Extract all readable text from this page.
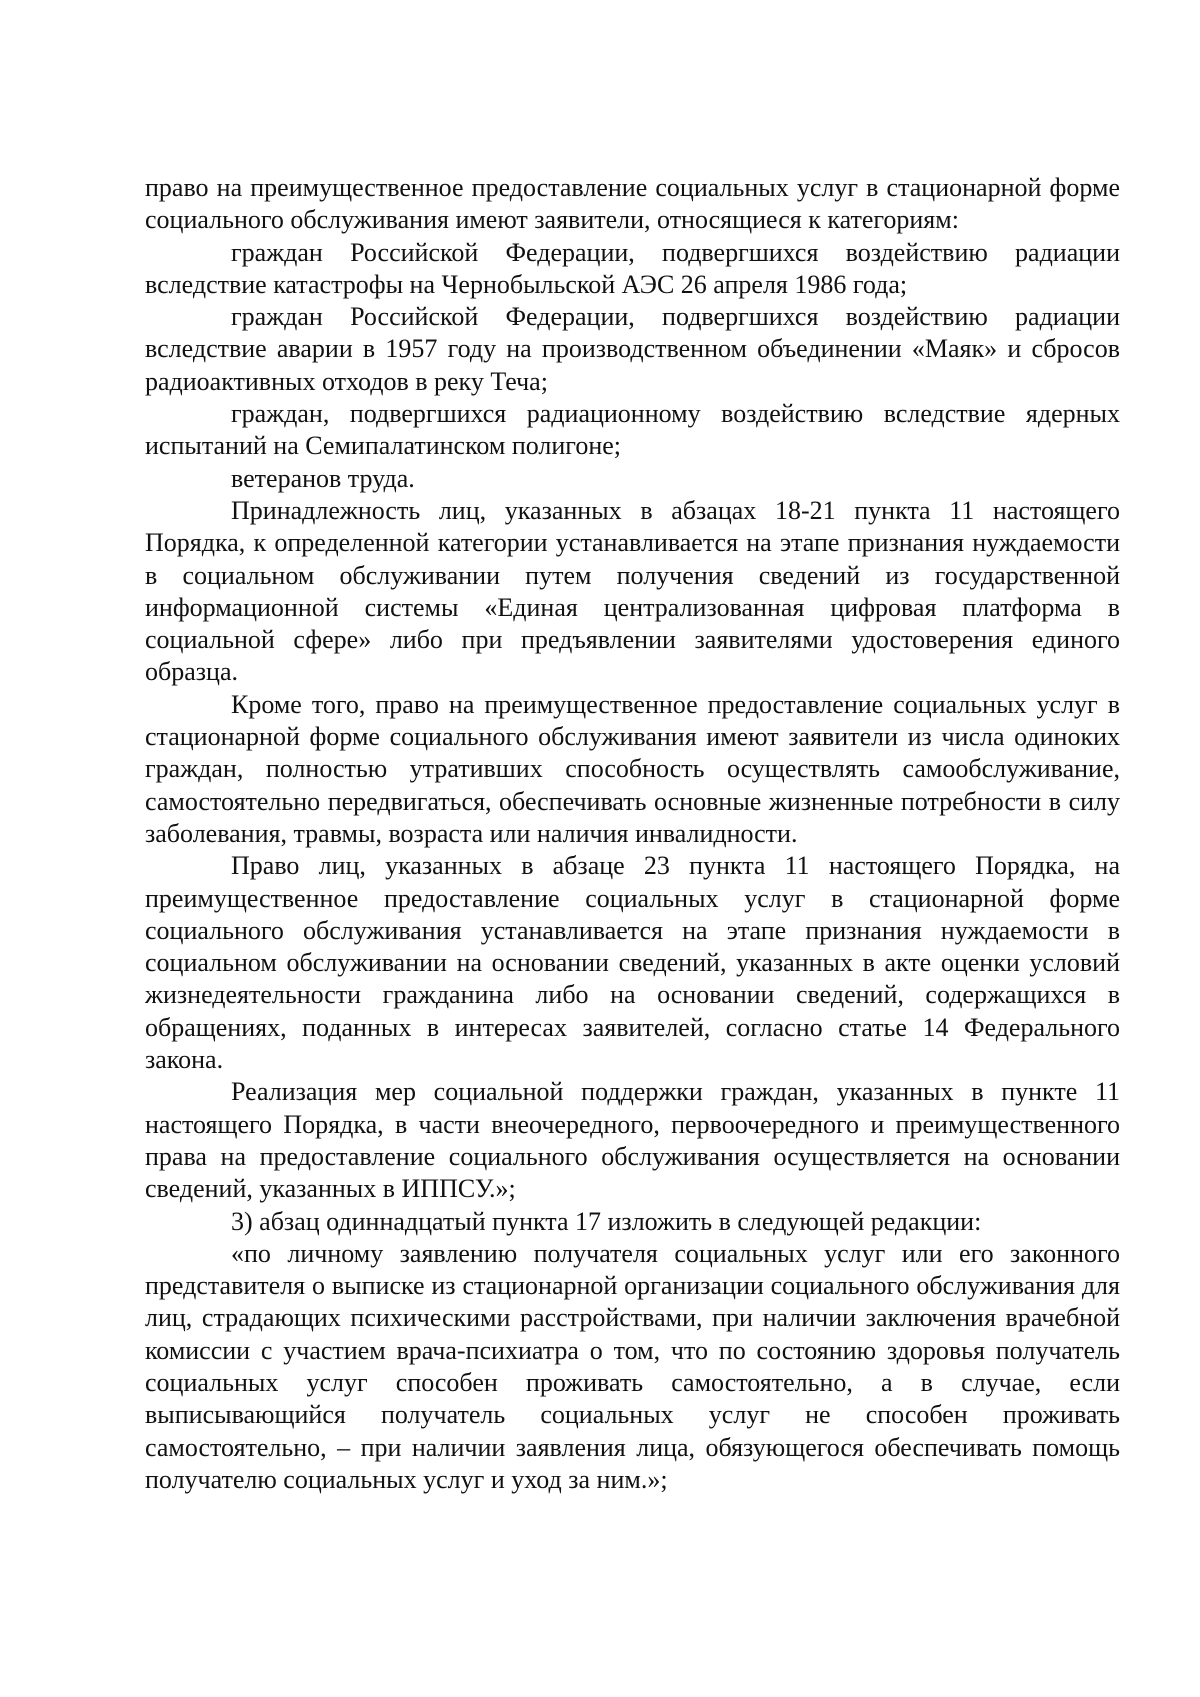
право на преимущественное предоставление социальных услуг в стационарной форме социального обслуживания имеют заявители, относящиеся к категориям:

граждан Российской Федерации, подвергшихся воздействию радиации вследствие катастрофы на Чернобыльской АЭС 26 апреля 1986 года;

граждан Российской Федерации, подвергшихся воздействию радиации вследствие аварии в 1957 году на производственном объединении «Маяк» и сбросов радиоактивных отходов в реку Теча;

граждан, подвергшихся радиационному воздействию вследствие ядерных испытаний на Семипалатинском полигоне;

ветеранов труда.

Принадлежность лиц, указанных в абзацах 18-21 пункта 11 настоящего Порядка, к определенной категории устанавливается на этапе признания нуждаемости в социальном обслуживании путем получения сведений из государственной информационной системы «Единая централизованная цифровая платформа в социальной сфере» либо при предъявлении заявителями удостоверения единого образца.

Кроме того, право на преимущественное предоставление социальных услуг в стационарной форме социального обслуживания имеют заявители из числа одиноких граждан, полностью утративших способность осуществлять самообслуживание, самостоятельно передвигаться, обеспечивать основные жизненные потребности в силу заболевания, травмы, возраста или наличия инвалидности.

Право лиц, указанных в абзаце 23 пункта 11 настоящего Порядка, на преимущественное предоставление социальных услуг в стационарной форме социального обслуживания устанавливается на этапе признания нуждаемости в социальном обслуживании на основании сведений, указанных в акте оценки условий жизнедеятельности гражданина либо на основании сведений, содержащихся в обращениях, поданных в интересах заявителей, согласно статье 14 Федерального закона.

Реализация мер социальной поддержки граждан, указанных в пункте 11 настоящего Порядка, в части внеочередного, первоочередного и преимущественного права на предоставление социального обслуживания осуществляется на основании сведений, указанных в ИППСУ.»;

3) абзац одиннадцатый пункта 17 изложить в следующей редакции:

«по личному заявлению получателя социальных услуг или его законного представителя о выписке из стационарной организации социального обслуживания для лиц, страдающих психическими расстройствами, при наличии заключения врачебной комиссии с участием врача-психиатра о том, что по состоянию здоровья получатель социальных услуг способен проживать самостоятельно, а в случае, если выписывающийся получатель социальных услуг не способен проживать самостоятельно, – при наличии заявления лица, обязующегося обеспечивать помощь получателю социальных услуг и уход за ним.»;
